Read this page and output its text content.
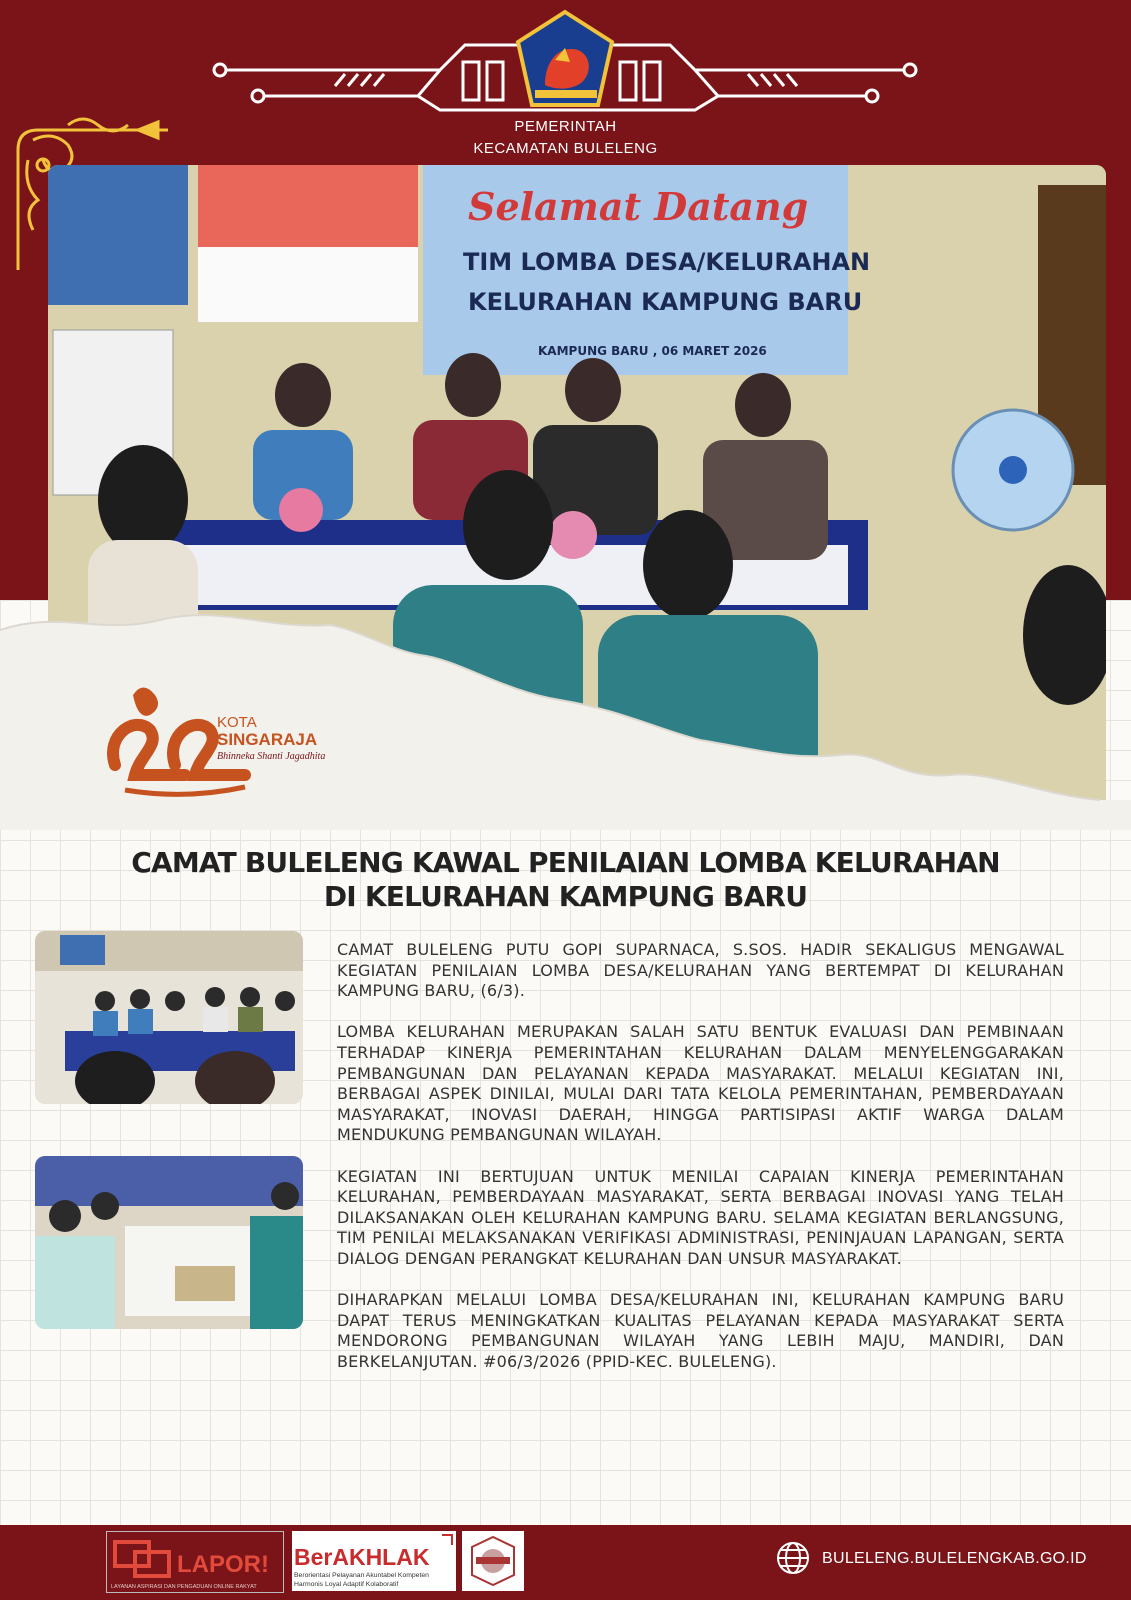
PEMERINTAH
KECAMATAN BULELENG
Selamat Datang
TIM LOMBA DESA/KELURAHAN
KELURAHAN KAMPUNG BARU
KAMPUNG BARU , 06 MARET 2026
KOTA
SINGARAJA
Bhinneka Shanti Jagadhita
CAMAT BULELENG KAWAL PENILAIAN LOMBA KELURAHAN
DI KELURAHAN KAMPUNG BARU

CAMAT BULELENG PUTU GOPI SUPARNACA, S.SOS. HADIR SEKALIGUS MENGAWAL KEGIATAN PENILAIAN LOMBA DESA/KELURAHAN YANG BERTEMPAT DI KELURAHAN KAMPUNG BARU, (6/3).

LOMBA KELURAHAN MERUPAKAN SALAH SATU BENTUK EVALUASI DAN PEMBINAAN TERHADAP KINERJA PEMERINTAHAN KELURAHAN DALAM MENYELENGGARAKAN PEMBANGUNAN DAN PELAYANAN KEPADA MASYARAKAT. MELALUI KEGIATAN INI, BERBAGAI ASPEK DINILAI, MULAI DARI TATA KELOLA PEMERINTAHAN, PEMBERDAYAAN MASYARAKAT, INOVASI DAERAH, HINGGA PARTISIPASI AKTIF WARGA DALAM MENDUKUNG PEMBANGUNAN WILAYAH.

KEGIATAN INI BERTUJUAN UNTUK MENILAI CAPAIAN KINERJA PEMERINTAHAN KELURAHAN, PEMBERDAYAAN MASYARAKAT, SERTA BERBAGAI INOVASI YANG TELAH DILAKSANAKAN OLEH KELURAHAN KAMPUNG BARU. SELAMA KEGIATAN BERLANGSUNG, TIM PENILAI MELAKSANAKAN VERIFIKASI ADMINISTRASI, PENINJAUAN LAPANGAN, SERTA DIALOG DENGAN PERANGKAT KELURAHAN DAN UNSUR MASYARAKAT.

DIHARAPKAN MELALUI LOMBA DESA/KELURAHAN INI, KELURAHAN KAMPUNG BARU DAPAT TERUS MENINGKATKAN KUALITAS PELAYANAN KEPADA MASYARAKAT SERTA MENDORONG PEMBANGUNAN WILAYAH YANG LEBIH MAJU, MANDIRI, DAN BERKELANJUTAN. #06/3/2026 (PPID-KEC. BULELENG).

LAPOR!
LAYANAN ASPIRASI DAN PENGADUAN ONLINE RAKYAT
BerAKHLAK
Berorientasi Pelayanan Akuntabel Kompeten
Harmonis Loyal Adaptif Kolaboratif
BULELENG.BULELENGKAB.GO.ID
